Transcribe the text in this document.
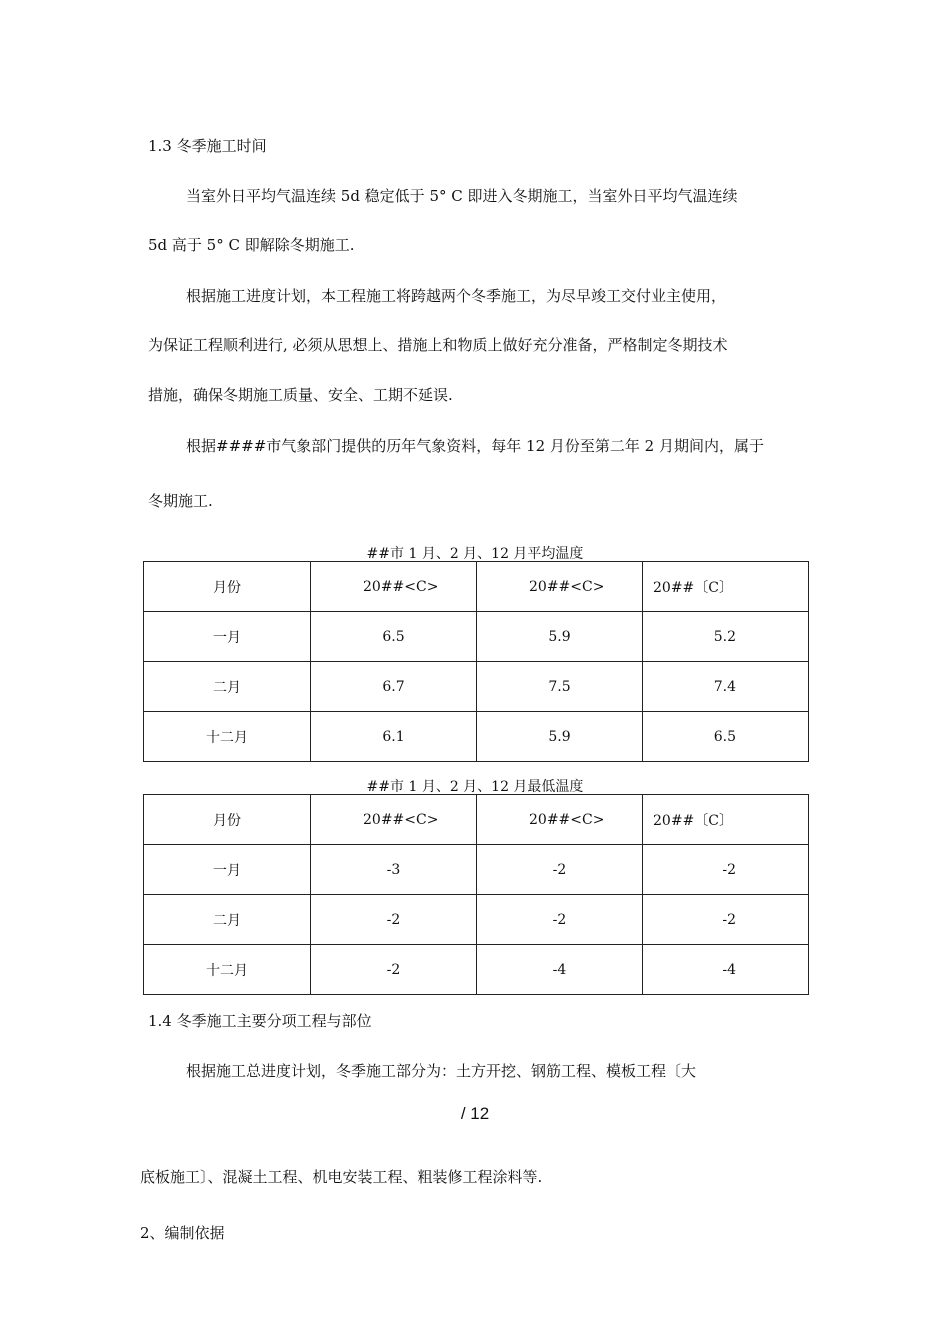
1.3 冬季施工时间
当室外日平均气温连续 5d 稳定低于 5° C 即进入冬期施工，当室外日平均气温连续
5d 高于 5° C 即解除冬期施工.
根据施工进度计划，本工程施工将跨越两个冬季施工，为尽早竣工交付业主使用，
为保证工程顺利进行, 必须从思想上、措施上和物质上做好充分准备，严格制定冬期技术
措施，确保冬期施工质量、安全、工期不延误.
根据####市气象部门提供的历年气象资料，每年 12 月份至第二年 2 月期间内，属于
冬期施工.
##市 1 月、2 月、12 月平均温度
月份	20##<C>	20##<C>	20##〔C〕
一月	6.5	5.9	5.2
二月	6.7	7.5	7.4
十二月	6.1	5.9	6.5
##市 1 月、2 月、12 月最低温度
月份	20##<C>	20##<C>	20##〔C〕
一月	-3	-2	-2
二月	-2	-2	-2
十二月	-2	-4	-4
1.4 冬季施工主要分项工程与部位
根据施工总进度计划，冬季施工部分为：土方开挖、钢筋工程、模板工程〔大
/ 12
底板施工〕、混凝土工程、机电安装工程、粗装修工程涂料等.
2、编制依据
